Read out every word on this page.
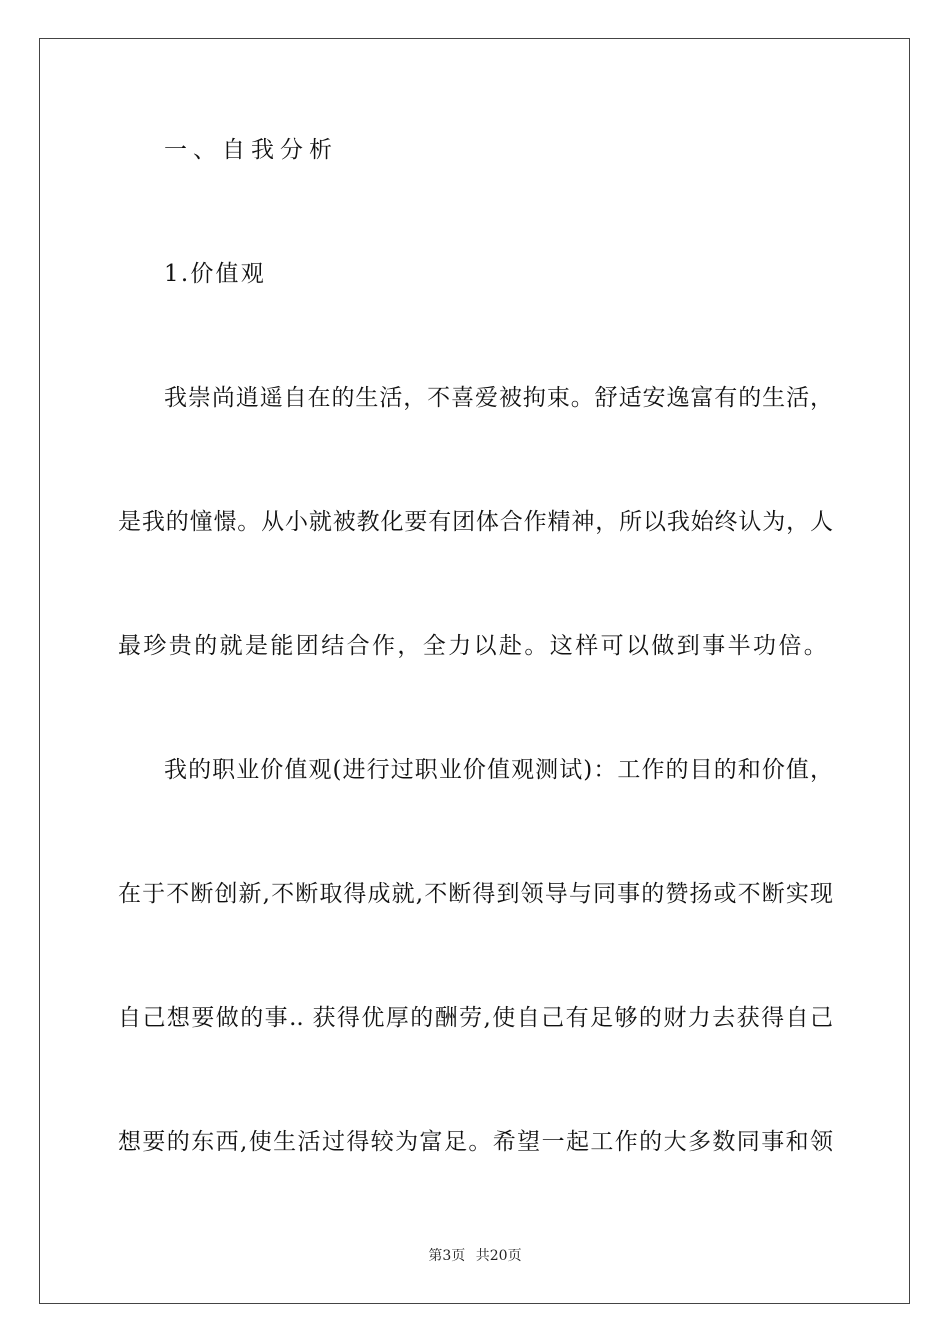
一、自我分析
1.价值观
我崇尚逍遥自在的生活，不喜爱被拘束。舒适安逸富有的生活，
是我的憧憬。从小就被教化要有团体合作精神，所以我始终认为，人
最珍贵的就是能团结合作，全力以赴。这样可以做到事半功倍。
我的职业价值观(进行过职业价值观测试)：工作的目的和价值，
在于不断创新,不断取得成就,不断得到领导与同事的赞扬或不断实现
自己想要做的事.. 获得优厚的酬劳,使自己有足够的财力去获得自己
想要的东西,使生活过得较为富足。希望一起工作的大多数同事和领
第3页 共20页
